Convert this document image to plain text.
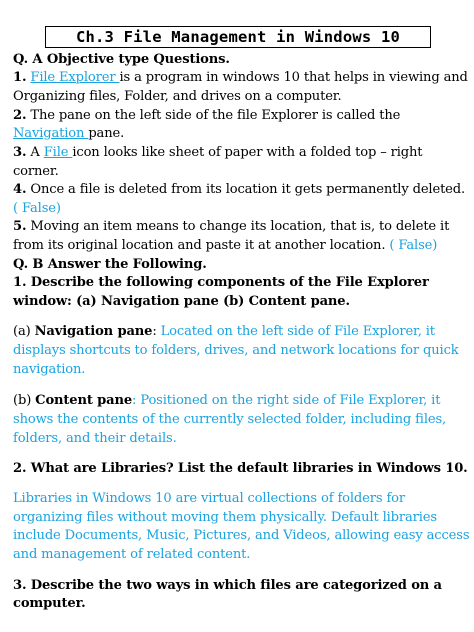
Ch.3 File Management in Windows 10
Q. A Objective type Questions.
1. File Explorer is a program in windows 10 that helps in viewing and
Organizing files, Folder, and drives on a computer.
2. The pane on the left side of the file Explorer is called the
Navigation pane.
3. A File icon looks like sheet of paper with a folded top – right
corner.
4. Once a file is deleted from its location it gets permanently deleted.
( False)
5. Moving an item means to change its location, that is, to delete it
from its original location and paste it at another location. ( False)
Q. B Answer the Following.
1. Describe the following components of the File Explorer
window: (a) Navigation pane (b) Content pane.
(a) Navigation pane: Located on the left side of File Explorer, it
displays shortcuts to folders, drives, and network locations for quick
navigation.
(b) Content pane: Positioned on the right side of File Explorer, it
shows the contents of the currently selected folder, including files,
folders, and their details.
2. What are Libraries? List the default libraries in Windows 10.
Libraries in Windows 10 are virtual collections of folders for
organizing files without moving them physically. Default libraries
include Documents, Music, Pictures, and Videos, allowing easy access
and management of related content.
3. Describe the two ways in which files are categorized on a
computer.
